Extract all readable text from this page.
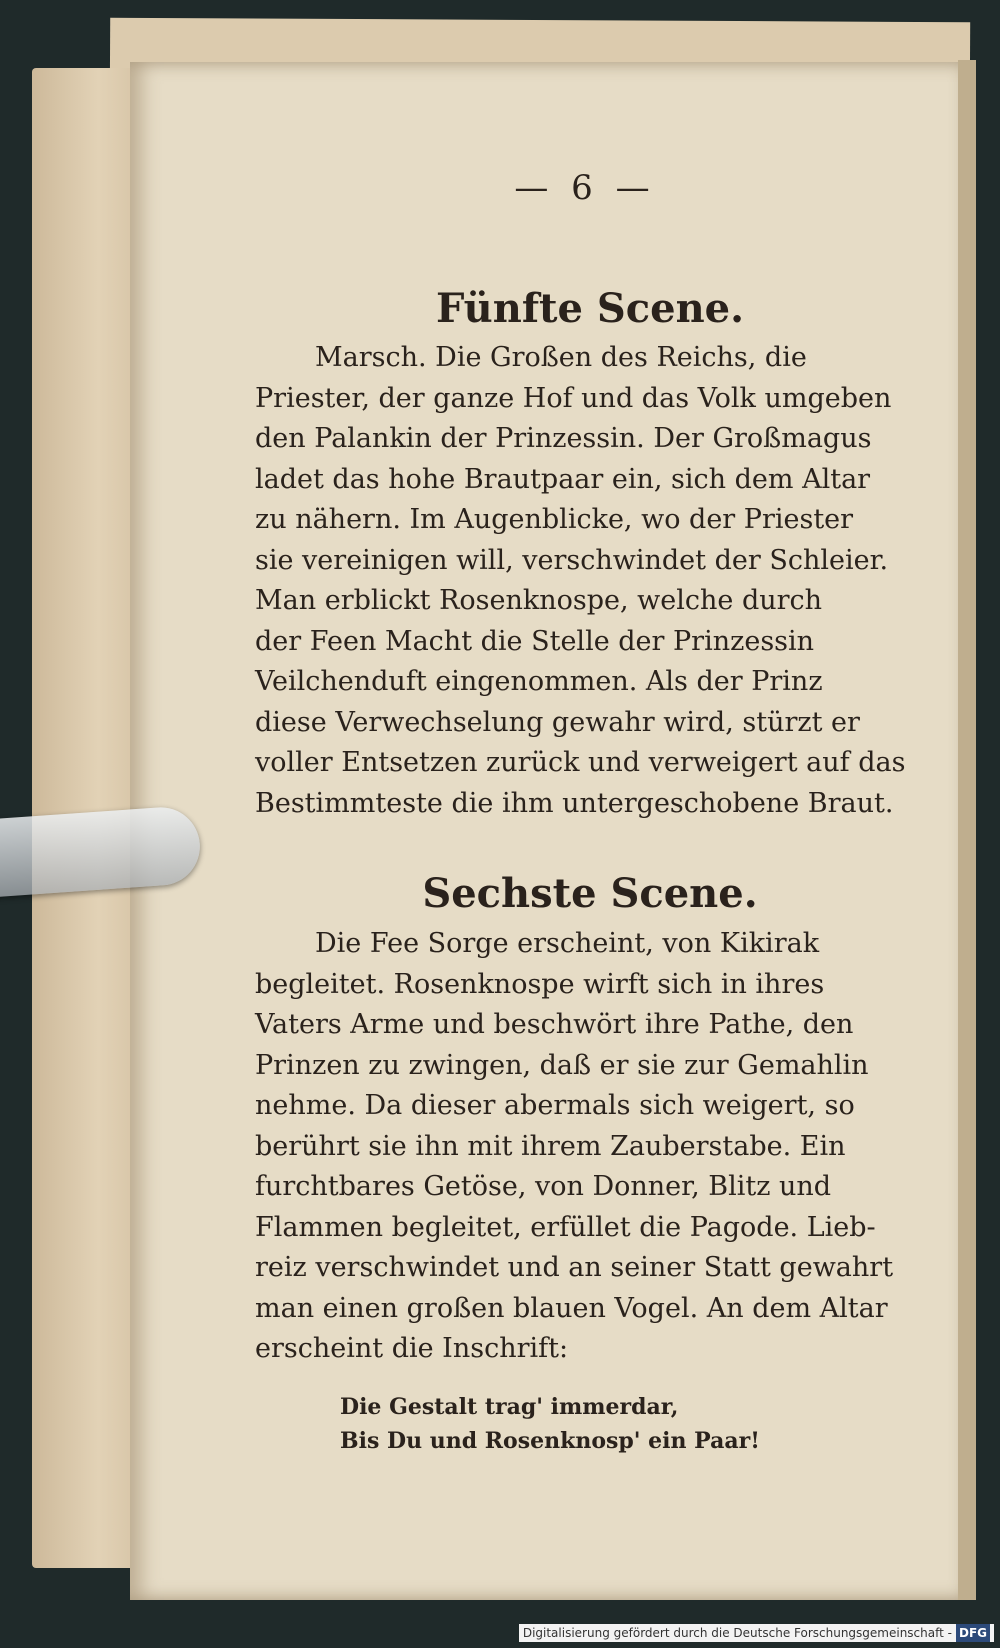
— 6 —
Fünfte Scene.
Marsch. Die Großen des Reichs, die
Priester, der ganze Hof und das Volk umgeben
den Palankin der Prinzessin. Der Großmagus
ladet das hohe Brautpaar ein, sich dem Altar
zu nähern. Im Augenblicke, wo der Priester
sie vereinigen will, verschwindet der Schleier.
Man erblickt Rosenknospe, welche durch
der Feen Macht die Stelle der Prinzessin
Veilchenduft eingenommen. Als der Prinz
diese Verwechselung gewahr wird, stürzt er
voller Entsetzen zurück und verweigert auf das
Bestimmteste die ihm untergeschobene Braut.
Sechste Scene.
Die Fee Sorge erscheint, von Kikirak
begleitet. Rosenknospe wirft sich in ihres
Vaters Arme und beschwört ihre Pathe, den
Prinzen zu zwingen, daß er sie zur Gemahlin
nehme. Da dieser abermals sich weigert, so
berührt sie ihn mit ihrem Zauberstabe. Ein
furchtbares Getöse, von Donner, Blitz und
Flammen begleitet, erfüllet die Pagode. Lieb-
reiz verschwindet und an seiner Statt gewahrt
man einen großen blauen Vogel. An dem Altar
erscheint die Inschrift:
Die Gestalt trag' immerdar,
Bis Du und Rosenknosp' ein Paar!
Digitalisierung gefördert durch die Deutsche Forschungsgemeinschaft - DFG
